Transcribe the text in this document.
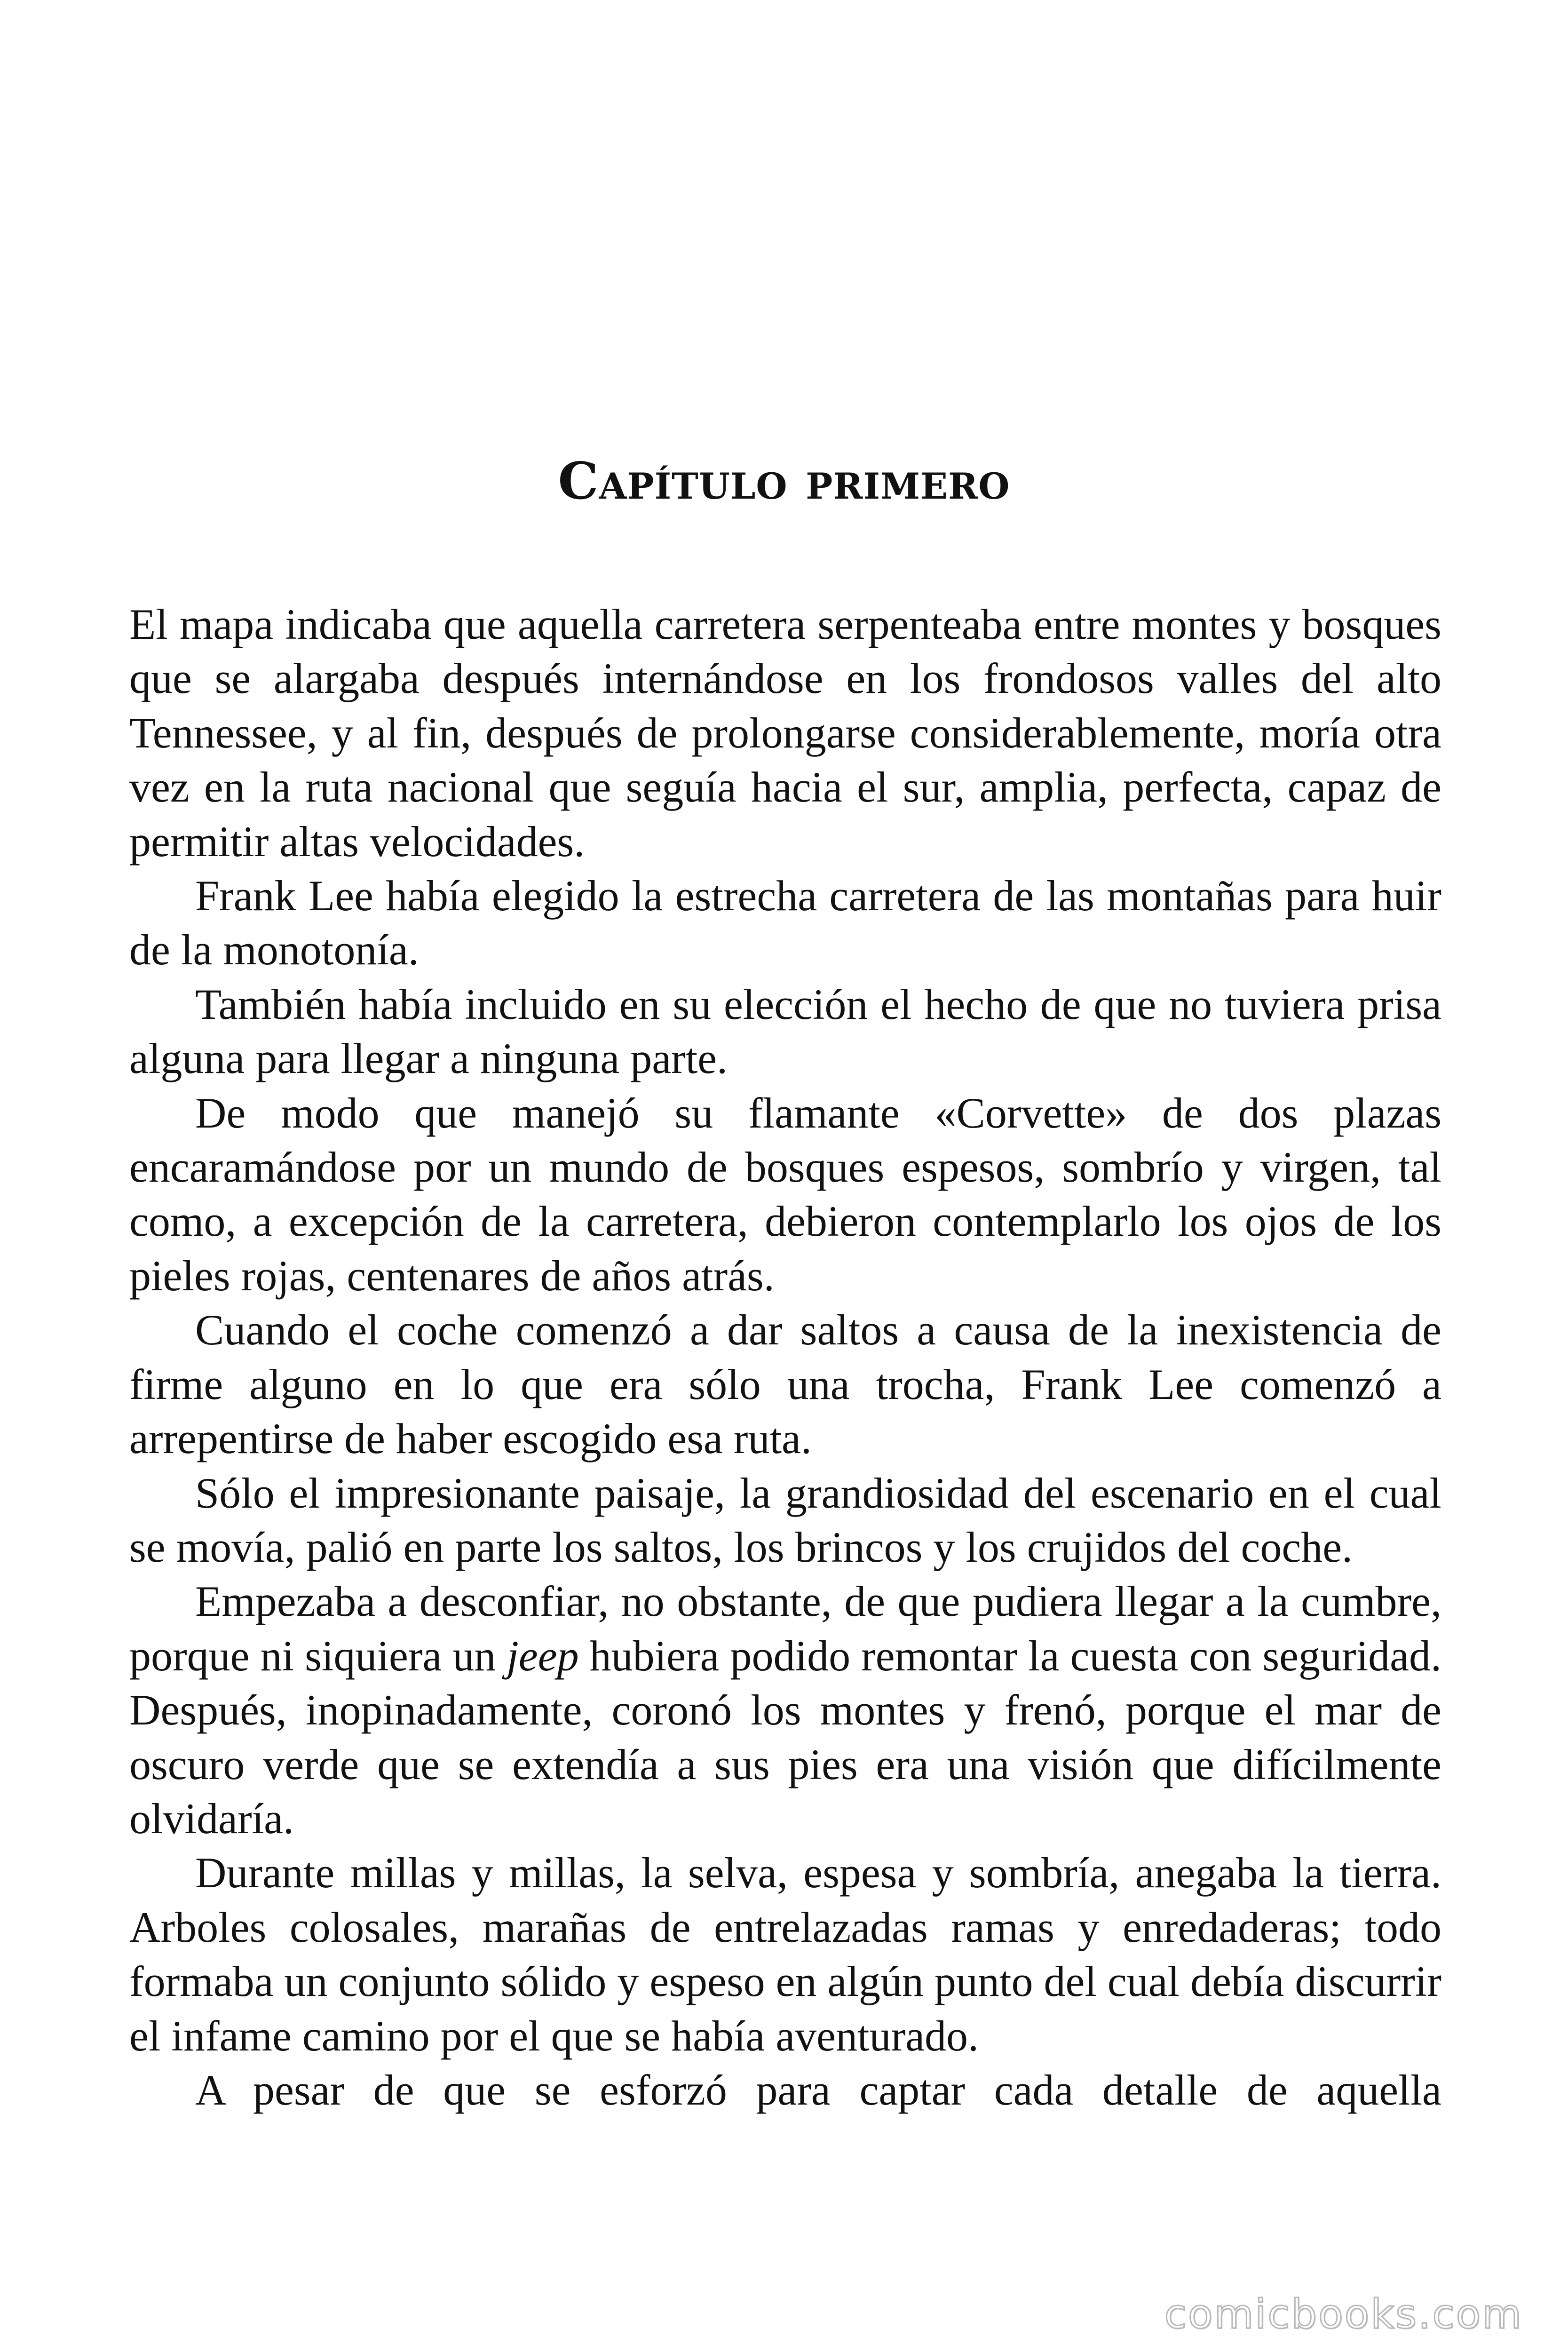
Capítulo primero

El mapa indicaba que aquella carretera serpenteaba entre montes y bosques que se alargaba después internándose en los frondosos valles del alto Tennessee, y al fin, después de prolongarse considerablemente, moría otra vez en la ruta nacional que seguía hacia el sur, amplia, perfecta, capaz de permitir altas velocidades.

Frank Lee había elegido la estrecha carretera de las montañas para huir de la monotonía.

También había incluido en su elección el hecho de que no tuviera prisa alguna para llegar a ninguna parte.

De modo que manejó su flamante «Corvette» de dos plazas encaramándose por un mundo de bosques espesos, sombrío y virgen, tal como, a excepción de la carretera, debieron contemplarlo los ojos de los pieles rojas, centenares de años atrás.

Cuando el coche comenzó a dar saltos a causa de la inexistencia de firme alguno en lo que era sólo una trocha, Frank Lee comenzó a arrepentirse de haber escogido esa ruta.

Sólo el impresionante paisaje, la grandiosidad del escenario en el cual se movía, palió en parte los saltos, los brincos y los crujidos del coche.

Empezaba a desconfiar, no obstante, de que pudiera llegar a la cumbre, porque ni siquiera un jeep hubiera podido remontar la cuesta con seguridad. Después, inopinadamente, coronó los montes y frenó, porque el mar de oscuro verde que se extendía a sus pies era una visión que difícilmente olvidaría.

Durante millas y millas, la selva, espesa y sombría, anegaba la tierra. Arboles colosales, marañas de entrelazadas ramas y enredaderas; todo formaba un conjunto sólido y espeso en algún punto del cual debía discurrir el infame camino por el que se había aventurado.

A pesar de que se esforzó para captar cada detalle de aquella

comicbooks.com
